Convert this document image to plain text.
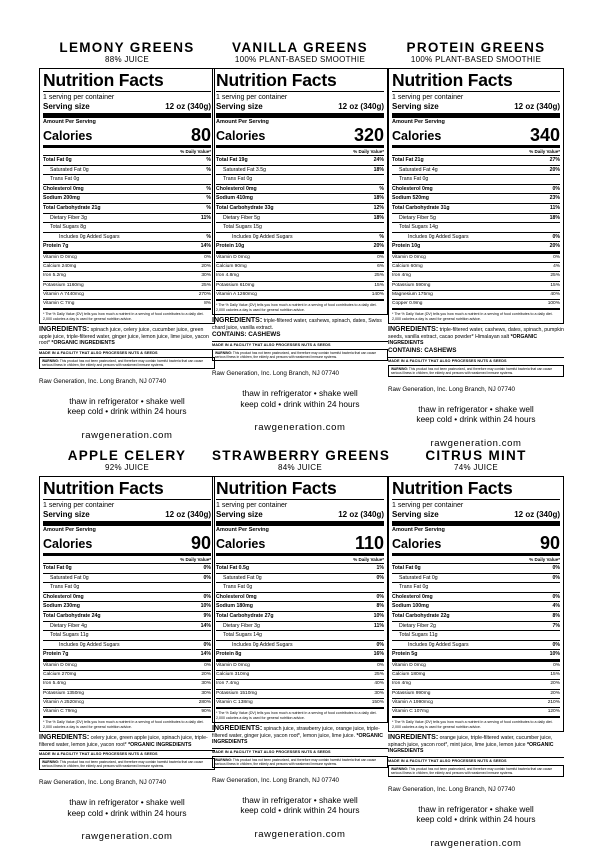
LEMONY GREENS
88% JUICE
Nutrition Facts
1 serving per container
Serving size	12 oz (340g)
Amount Per Serving
Calories	80
% Daily Value*
Total Fat 0g	%
Saturated Fat 0g	%
Trans Fat 0g
Cholesterol 0mg	%
Sodium 200mg	%
Total Carbohydrate 21g	%
Dietary Fiber 3g	11%
Total Sugars 8g
Includes 0g Added Sugars	%
Protein 7g	14%
Vitamin D 0mcg	0%
Calcium 240mg	20%
Iron 5.2mg	30%
Potassium 1160mg	25%
Vitamin A 7440mcg	270%
Vitamin C 7mg	8%
* The % Daily Value (DV) tells you how much a nutrient in a serving of food contributes to a daily diet. 2,000 calories a day is used for general nutrition advice.
INGREDIENTS: spinach juice, celery juice, cucumber juice, green apple juice, triple-filtered water, ginger juice, lemon juice, lime juice, yacon root* *ORGANIC INGREDIENTS
MADE IN A FACILITY THAT ALSO PROCESSES NUTS & SEEDS
WARNING: This product has not been pasteurized, and therefore may contain harmful bacteria that can cause serious illness in children, the elderly and persons with weakened immune systems.
Raw Generation, Inc. Long Branch, NJ 07740
thaw in refrigerator • shake well
keep cold • drink within 24 hours
rawgeneration.com
VANILLA GREENS
100% PLANT-BASED SMOOTHIE
Nutrition Facts
1 serving per container
Serving size	12 oz (340g)
Amount Per Serving
Calories	320
% Daily Value*
Total Fat 19g	24%
Saturated Fat 3.5g	18%
Trans Fat 0g
Cholesterol 0mg	%
Sodium 410mg	18%
Total Carbohydrate 33g	12%
Dietary Fiber 5g	18%
Total Sugars 15g
Includes 0g Added Sugars	%
Protein 10g	20%
Vitamin D 0mcg	0%
Calcium 90mg	6%
Iron 4.8mg	25%
Potassium 610mg	15%
Vitamin A 1260mcg	140%
* The % Daily Value (DV) tells you how much a nutrient in a serving of food contributes to a daily diet. 2,000 calories a day is used for general nutrition advice.
INGREDIENTS: triple-filtered water, cashews, spinach, dates, Swiss chard juice, vanilla extract.
CONTAINS: CASHEWS
MADE IN A FACILITY THAT ALSO PROCESSES NUTS & SEEDS
WARNING: This product has not been pasteurized, and therefore may contain harmful bacteria that can cause serious illness in children, the elderly and persons with weakened immune systems.
Raw Generation, Inc. Long Branch, NJ 07740
thaw in refrigerator • shake well
keep cold • drink within 24 hours
rawgeneration.com
PROTEIN GREENS
100% PLANT-BASED SMOOTHIE
Nutrition Facts
1 serving per container
Serving size	12 oz (340g)
Amount Per Serving
Calories	340
% Daily Value*
Total Fat 21g	27%
Saturated Fat 4g	20%
Trans Fat 0g
Cholesterol 0mg	0%
Sodium 520mg	23%
Total Carbohydrate 31g	11%
Dietary Fiber 5g	18%
Total Sugars 14g
Includes 0g Added Sugars	0%
Protein 10g	20%
Vitamin D 0mcg	0%
Calcium 60mg	4%
Iron 4mg	25%
Potassium 590mg	15%
Magnesium 175mg	40%
Copper 0.9mg	100%
* The % Daily Value (DV) tells you how much a nutrient in a serving of food contributes to a daily diet. 2,000 calories a day is used for general nutrition advice.
INGREDIENTS: triple-filtered water, cashews, dates, spinach, pumpkin seeds, vanilla extract, cacao powder* Himalayan salt *ORGANIC INGREDIENTS
CONTAINS: CASHEWS
MADE IN A FACILITY THAT ALSO PROCESSES NUTS & SEEDS
WARNING: This product has not been pasteurized, and therefore may contain harmful bacteria that can cause serious illness in children, the elderly and persons with weakened immune systems.
Raw Generation, Inc. Long Branch, NJ 07740
thaw in refrigerator • shake well
keep cold • drink within 24 hours
rawgeneration.com
APPLE CELERY
92% JUICE
Nutrition Facts
1 serving per container
Serving size	12 oz (340g)
Amount Per Serving
Calories	90
% Daily Value*
Total Fat 0g	0%
Saturated Fat 0g	0%
Trans Fat 0g
Cholesterol 0mg	0%
Sodium 230mg	10%
Total Carbohydrate 24g	9%
Dietary Fiber 4g	14%
Total Sugars 11g
Includes 0g Added Sugars	0%
Protein 7g	14%
Vitamin D 0mcg	0%
Calcium 270mg	20%
Iron 5.4mg	30%
Potassium 1350mg	30%
Vitamin A 2520mcg	280%
Vitamin C 79mg	90%
* The % Daily Value (DV) tells you how much a nutrient in a serving of food contributes to a daily diet. 2,000 calories a day is used for general nutrition advice.
INGREDIENTS: celery juice, green apple juice, spinach juice, triple-filtered water, lemon juice, yacon root* *ORGANIC INGREDIENTS
MADE IN A FACILITY THAT ALSO PROCESSES NUTS & SEEDS
WARNING: This product has not been pasteurized, and therefore may contain harmful bacteria that can cause serious illness in children, the elderly and persons with weakened immune systems.
Raw Generation, Inc. Long Branch, NJ 07740
thaw in refrigerator • shake well
keep cold • drink within 24 hours
rawgeneration.com
STRAWBERRY GREENS
84% JUICE
Nutrition Facts
1 serving per container
Serving size	12 oz (340g)
Amount Per Serving
Calories	110
% Daily Value*
Total Fat 0.5g	1%
Saturated Fat 0g	0%
Trans Fat 0g
Cholesterol 0mg	0%
Sodium 180mg	8%
Total Carbohydrate 27g	10%
Dietary Fiber 3g	11%
Total Sugars 14g
Includes 0g Added Sugars	0%
Protein 8g	16%
Vitamin D 0mcg	0%
Calcium 310mg	25%
Iron 7.4mg	40%
Potassium 1510mg	30%
Vitamin C 138mg	150%
* The % Daily Value (DV) tells you how much a nutrient in a serving of food contributes to a daily diet. 2,000 calories a day is used for general nutrition advice.
INGREDIENTS: spinach juice, strawberry juice, orange juice, triple-filtered water, ginger juice, yacon root*, lemon juice, lime juice. *ORGANIC INGREDIENTS
MADE IN A FACILITY THAT ALSO PROCESSES NUTS & SEEDS
WARNING: This product has not been pasteurized, and therefore may contain harmful bacteria that can cause serious illness in children, the elderly and persons with weakened immune systems.
Raw Generation, Inc. Long Branch, NJ 07740
thaw in refrigerator • shake well
keep cold • drink within 24 hours
rawgeneration.com
CITRUS MINT
74% JUICE
Nutrition Facts
1 serving per container
Serving size	12 oz (340g)
Amount Per Serving
Calories	90
% Daily Value*
Total Fat 0g	0%
Saturated Fat 0g	0%
Trans Fat 0g
Cholesterol 0mg	0%
Sodium 100mg	4%
Total Carbohydrate 22g	8%
Dietary Fiber 2g	7%
Total Sugars 11g
Includes 0g Added Sugars	0%
Protein 5g	10%
Vitamin D 0mcg	0%
Calcium 180mg	15%
Iron 4mg	20%
Potassium 990mg	20%
Vitamin A 1990mcg	210%
Vitamin C 107mg	120%
* The % Daily Value (DV) tells you how much a nutrient in a serving of food contributes to a daily diet. 2,000 calories a day is used for general nutrition advice.
INGREDIENTS: orange juice, triple-filtered water, cucumber juice, spinach juice, yacon root*, mint juice, lime juice, lemon juice *ORGANIC INGREDIENTS
MADE IN A FACILITY THAT ALSO PROCESSES NUTS & SEEDS
WARNING: This product has not been pasteurized, and therefore may contain harmful bacteria that can cause serious illness in children, the elderly and persons with weakened immune systems.
Raw Generation, Inc. Long Branch, NJ 07740
thaw in refrigerator • shake well
keep cold • drink within 24 hours
rawgeneration.com
